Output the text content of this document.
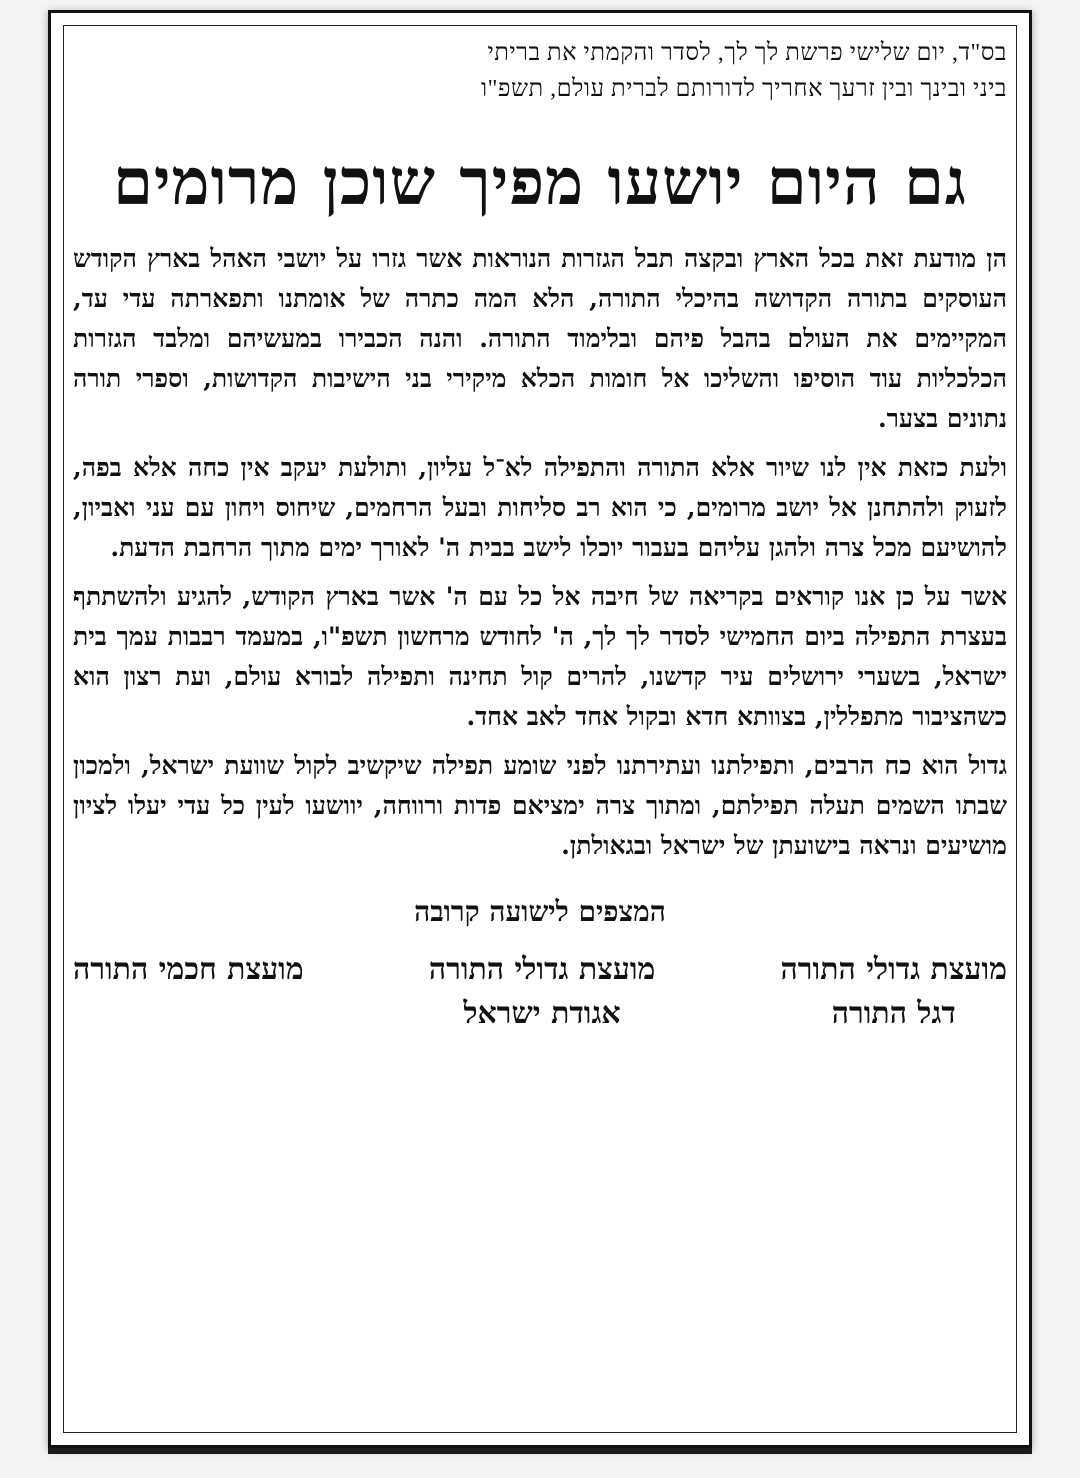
בס"ד, יום שלישי פרשת לך לך, לסדר והקמתי את בריתי
ביני ובינך ובין זרעך אחריך לדורותם לברית עולם, תשפ"ו
גם היום יושעו מפיך שוכן מרומים

הן מודעת זאת בכל הארץ ובקצה תבל הגזרות הנוראות אשר גזרו על יושבי האהל בארץ הקודש העוסקים בתורה הקדושה בהיכלי התורה, הלא המה כתרה של אומתנו ותפארתה עדי עד, המקיימים את העולם בהבל פיהם ובלימוד התורה. והנה הכבירו במעשיהם ומלבד הגזרות הכלכליות עוד הוסיפו והשליכו אל חומות הכלא מיקירי בני הישיבות הקדושות, וספרי תורה נתונים בצער.

ולעת כזאת אין לנו שיור אלא התורה והתפילה לא־ל עליון, ותולעת יעקב אין כחה אלא בפה, לזעוק ולהתחנן אל יושב מרומים, כי הוא רב סליחות ובעל הרחמים, שיחוס ויחון עם עני ואביון, להושיעם מכל צרה ולהגן עליהם בעבור יוכלו לישב בבית ה' לאורך ימים מתוך הרחבת הדעת.

אשר על כן אנו קוראים בקריאה של חיבה אל כל עם ה' אשר בארץ הקודש, להגיע ולהשתתף בעצרת התפילה ביום החמישי לסדר לך לך, ה' לחודש מרחשון תשפ"ו, במעמד רבבות עמך בית ישראל, בשערי ירושלים עיר קדשנו, להרים קול תחינה ותפילה לבורא עולם, ועת רצון הוא כשהציבור מתפללין, בצוותא חדא ובקול אחד לאב אחד.

גדול הוא כח הרבים, ותפילתנו ועתירתנו לפני שומע תפילה שיקשיב לקול שוועת ישראל, ולמכון שבתו השמים תעלה תפילתם, ומתוך צרה ימציאם פדות ורווחה, יוושעו לעין כל עדי יעלו לציון מושיעים ונראה בישועתן של ישראל ובגאולתן.

המצפים לישועה קרובה
מועצת גדולי התורה
דגל התורה
מועצת גדולי התורה
אגודת ישראל
מועצת חכמי התורה
